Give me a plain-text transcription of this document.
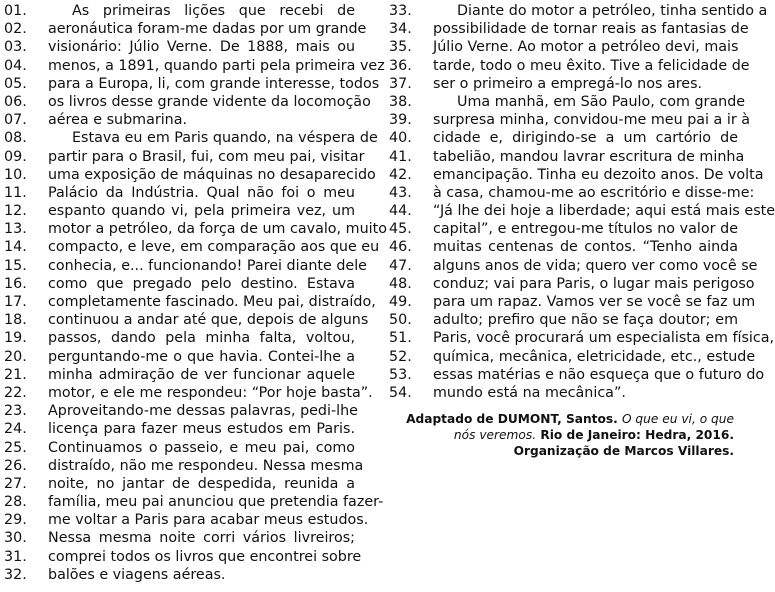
01.	As primeiras lições que recebi de
02.	aeronáutica foram-me dadas por um grande
03.	visionário: Júlio Verne. De 1888, mais ou
04.	menos, a 1891, quando parti pela primeira vez
05.	para a Europa, li, com grande interesse, todos
06.	os livros desse grande vidente da locomoção
07.	aérea e submarina.
08.	Estava eu em Paris quando, na véspera de
09.	partir para o Brasil, fui, com meu pai, visitar
10.	uma exposição de máquinas no desaparecido
11.	Palácio da Indústria. Qual não foi o meu
12.	espanto quando vi, pela primeira vez, um
13.	motor a petróleo, da força de um cavalo, muito
14.	compacto, e leve, em comparação aos que eu
15.	conhecia, e... funcionando! Parei diante dele
16.	como que pregado pelo destino. Estava
17.	completamente fascinado. Meu pai, distraído,
18.	continuou a andar até que, depois de alguns
19.	passos, dando pela minha falta, voltou,
20.	perguntando-me o que havia. Contei-lhe a
21.	minha admiração de ver funcionar aquele
22.	motor, e ele me respondeu: “Por hoje basta”.
23.	Aproveitando-me dessas palavras, pedi-lhe
24.	licença para fazer meus estudos em Paris.
25.	Continuamos o passeio, e meu pai, como
26.	distraído, não me respondeu. Nessa mesma
27.	noite, no jantar de despedida, reunida a
28.	família, meu pai anunciou que pretendia fazer-
29.	me voltar a Paris para acabar meus estudos.
30.	Nessa mesma noite corri vários livreiros;
31.	comprei todos os livros que encontrei sobre
32.	balões e viagens aéreas.
33.	Diante do motor a petróleo, tinha sentido a
34.	possibilidade de tornar reais as fantasias de
35.	Júlio Verne. Ao motor a petróleo devi, mais
36.	tarde, todo o meu êxito. Tive a felicidade de
37.	ser o primeiro a empregá-lo nos ares.
38.	Uma manhã, em São Paulo, com grande
39.	surpresa minha, convidou-me meu pai a ir à
40.	cidade e, dirigindo-se a um cartório de
41.	tabelião, mandou lavrar escritura de minha
42.	emancipação. Tinha eu dezoito anos. De volta
43.	à casa, chamou-me ao escritório e disse-me:
44.	“Já lhe dei hoje a liberdade; aqui está mais este
45.	capital”, e entregou-me títulos no valor de
46.	muitas centenas de contos. “Tenho ainda
47.	alguns anos de vida; quero ver como você se
48.	conduz; vai para Paris, o lugar mais perigoso
49.	para um rapaz. Vamos ver se você se faz um
50.	adulto; prefiro que não se faça doutor; em
51.	Paris, você procurará um especialista em física,
52.	química, mecânica, eletricidade, etc., estude
53.	essas matérias e não esqueça que o futuro do
54.	mundo está na mecânica”.
Adaptado de DUMONT, Santos. O que eu vi, o que nós veremos. Rio de Janeiro: Hedra, 2016.
Organização de Marcos Villares.
